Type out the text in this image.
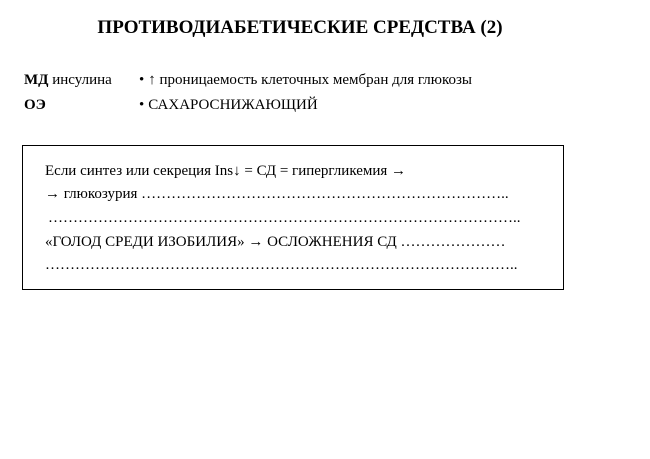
ПРОТИВОДИАБЕТИЧЕСКИЕ СРЕДСТВА (2)
МД инсулина • ↑ проницаемость клеточных мембран для глюкозы
ОЭ	• САХАРОСНИЖАЮЩИЙ
Если синтез или секреция Ins↓ = СД = гипергликемия →
→ глюкозурия ………………………………………………………………..
…………………………………………………………………………………..
«ГОЛОД СРЕДИ ИЗОБИЛИЯ» → ОСЛОЖНЕНИЯ СД …………………
…………………………………………………………………………………..
